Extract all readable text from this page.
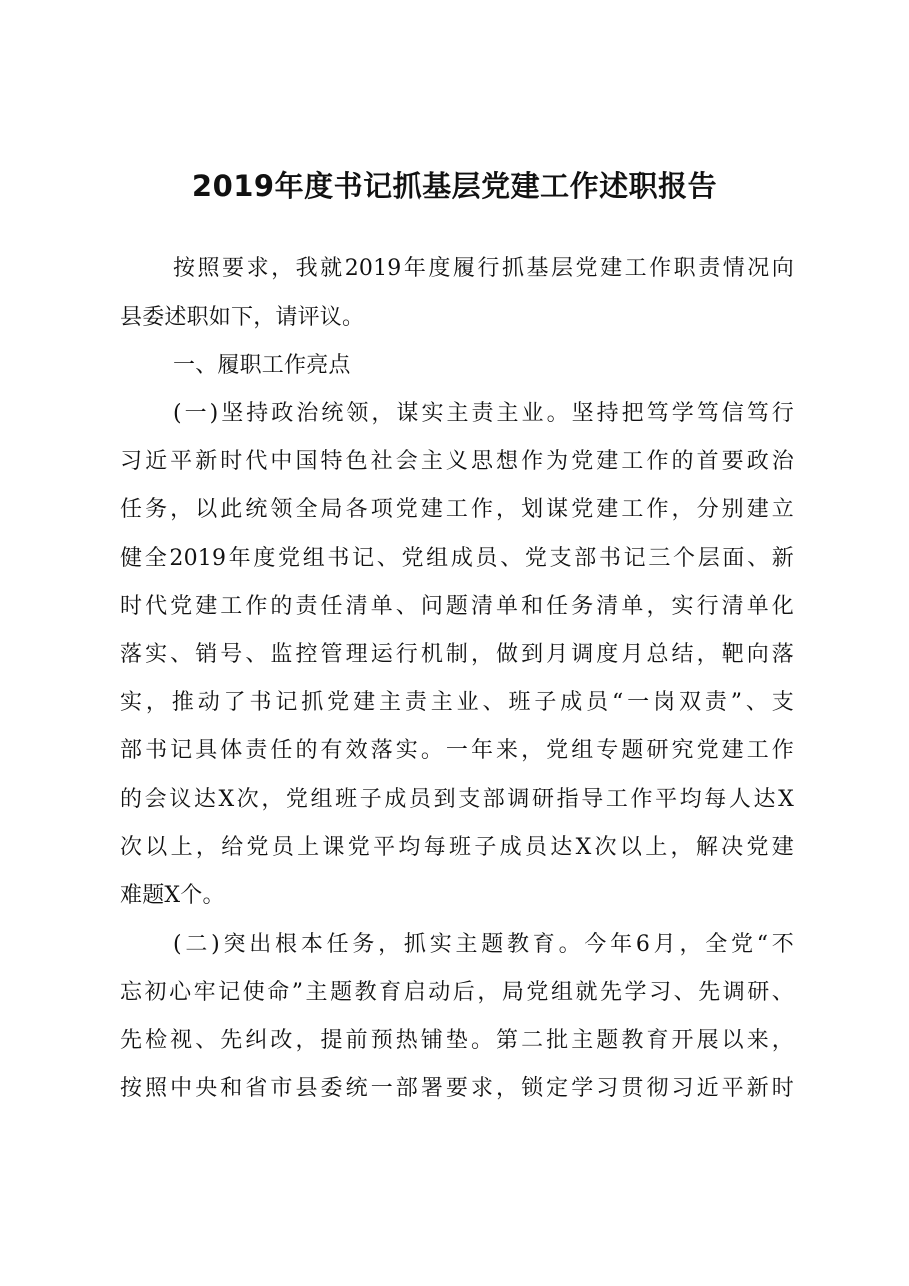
2019年度书记抓基层党建工作述职报告
按照要求，我就2019年度履行抓基层党建工作职责情况向
县委述职如下，请评议。
一、履职工作亮点
(一)坚持政治统领，谋实主责主业。坚持把笃学笃信笃行
习近平新时代中国特色社会主义思想作为党建工作的首要政治
任务，以此统领全局各项党建工作，划谋党建工作，分别建立
健全2019年度党组书记、党组成员、党支部书记三个层面、新
时代党建工作的责任清单、问题清单和任务清单，实行清单化
落实、销号、监控管理运行机制，做到月调度月总结，靶向落
实，推动了书记抓党建主责主业、班子成员“一岗双责”、支
部书记具体责任的有效落实。一年来，党组专题研究党建工作
的会议达X次，党组班子成员到支部调研指导工作平均每人达X
次以上，给党员上课党平均每班子成员达X次以上，解决党建
难题X个。
(二)突出根本任务，抓实主题教育。今年6月，全党“不
忘初心牢记使命”主题教育启动后，局党组就先学习、先调研、
先检视、先纠改，提前预热铺垫。第二批主题教育开展以来，
按照中央和省市县委统一部署要求，锁定学习贯彻习近平新时
